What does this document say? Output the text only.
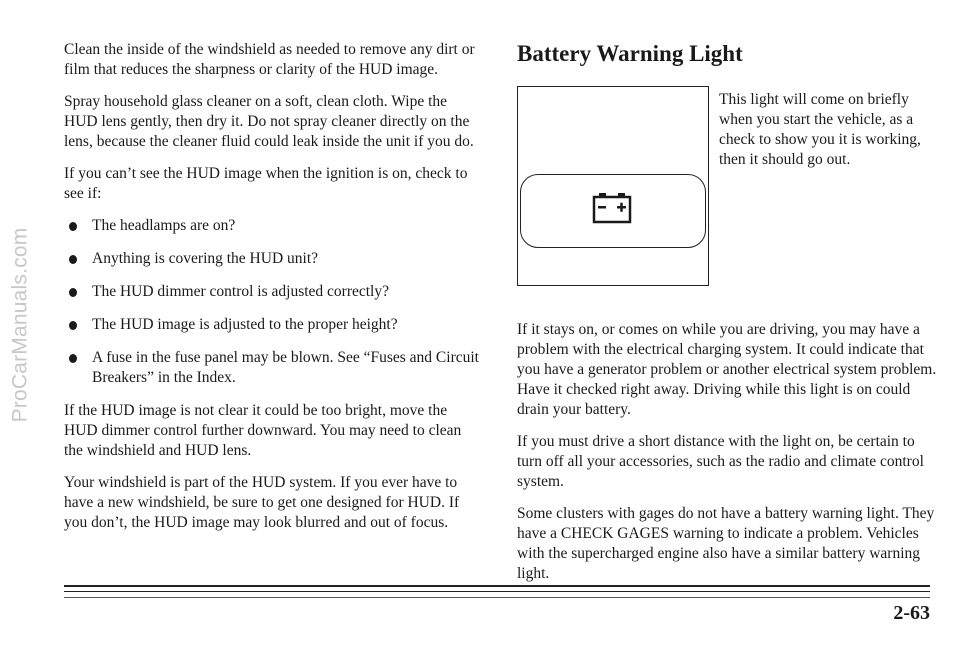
ProCarManuals.com

Clean the inside of the windshield as needed to remove any dirt or film that reduces the sharpness or clarity of the HUD image.

Spray household glass cleaner on a soft, clean cloth. Wipe the HUD lens gently, then dry it. Do not spray cleaner directly on the lens, because the cleaner fluid could leak inside the unit if you do.

If you can’t see the HUD image when the ignition is on, check to see if:

The headlamps are on?
Anything is covering the HUD unit?
The HUD dimmer control is adjusted correctly?
The HUD image is adjusted to the proper height?
A fuse in the fuse panel may be blown. See “Fuses and Circuit Breakers” in the Index.

If the HUD image is not clear it could be too bright, move the HUD dimmer control further downward. You may need to clean the windshield and HUD lens.

Your windshield is part of the HUD system. If you ever have to have a new windshield, be sure to get one designed for HUD. If you don’t, the HUD image may look blurred and out of focus.

Battery Warning Light
This light will come on briefly when you start the vehicle, as a check to show you it is working, then it should go out.

If it stays on, or comes on while you are driving, you may have a problem with the electrical charging system. It could indicate that you have a generator problem or another electrical system problem. Have it checked right away. Driving while this light is on could drain your battery.

If you must drive a short distance with the light on, be certain to turn off all your accessories, such as the radio and climate control system.

Some clusters with gages do not have a battery warning light. They have a CHECK GAGES warning to indicate a problem. Vehicles with the supercharged engine also have a similar battery warning light.

2-63
